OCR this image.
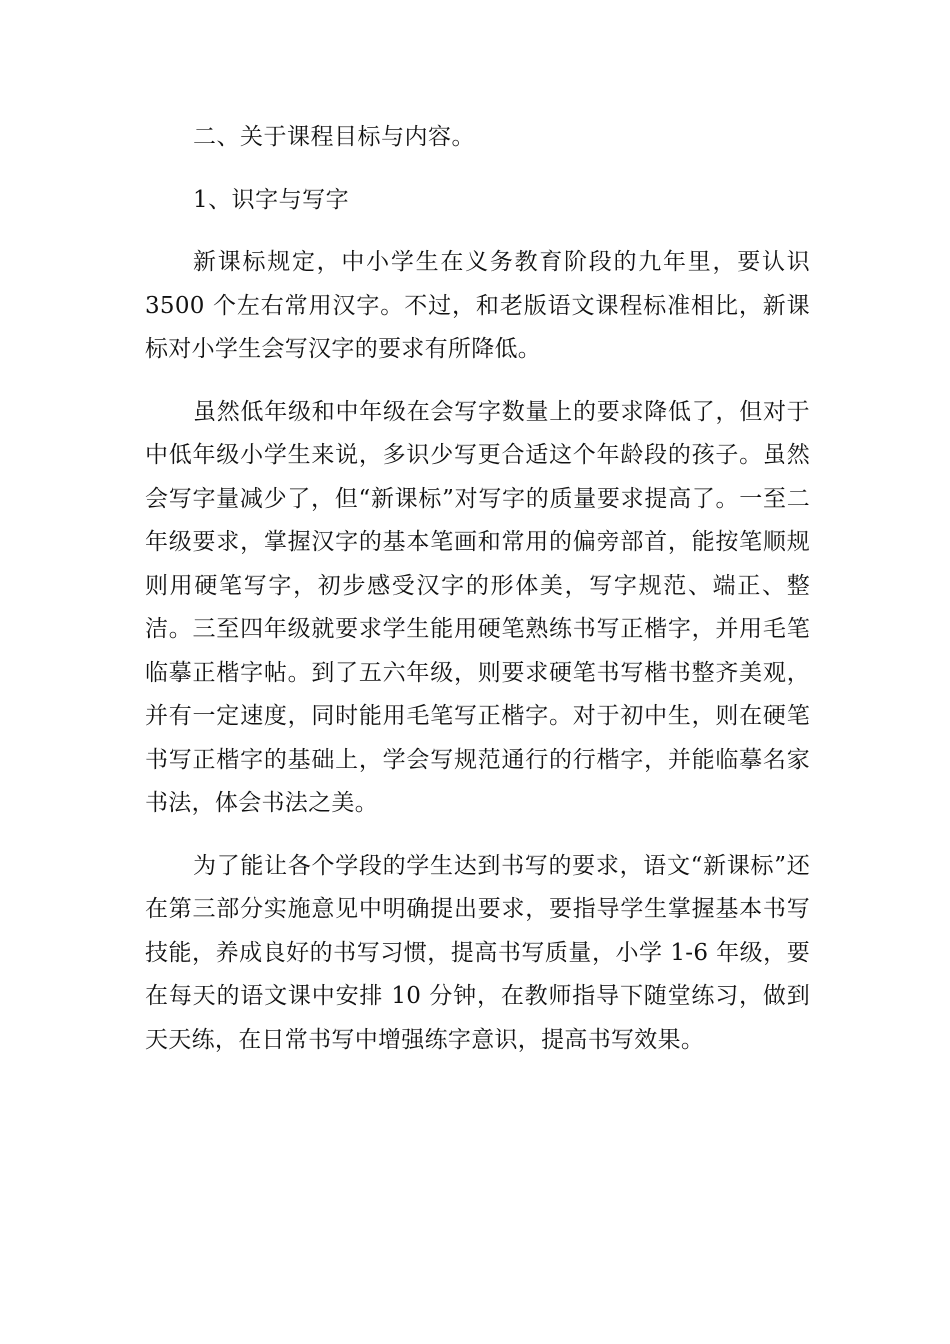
二、关于课程目标与内容。

1、识字与写字

新课标规定，中小学生在义务教育阶段的九年里，要认识 3500 个左右常用汉字。不过，和老版语文课程标准相比，新课标对小学生会写汉字的要求有所降低。

虽然低年级和中年级在会写字数量上的要求降低了，但对于中低年级小学生来说，多识少写更合适这个年龄段的孩子。虽然会写字量减少了，但“新课标”对写字的质量要求提高了。一至二年级要求，掌握汉字的基本笔画和常用的偏旁部首，能按笔顺规则用硬笔写字，初步感受汉字的形体美，写字规范、端正、整洁。三至四年级就要求学生能用硬笔熟练书写正楷字，并用毛笔临摹正楷字帖。到了五六年级，则要求硬笔书写楷书整齐美观，并有一定速度，同时能用毛笔写正楷字。对于初中生，则在硬笔书写正楷字的基础上，学会写规范通行的行楷字，并能临摹名家书法，体会书法之美。

为了能让各个学段的学生达到书写的要求，语文“新课标”还在第三部分实施意见中明确提出要求，要指导学生掌握基本书写技能，养成良好的书写习惯，提高书写质量，小学 1-6 年级，要在每天的语文课中安排 10 分钟，在教师指导下随堂练习，做到天天练，在日常书写中增强练字意识，提高书写效果。
